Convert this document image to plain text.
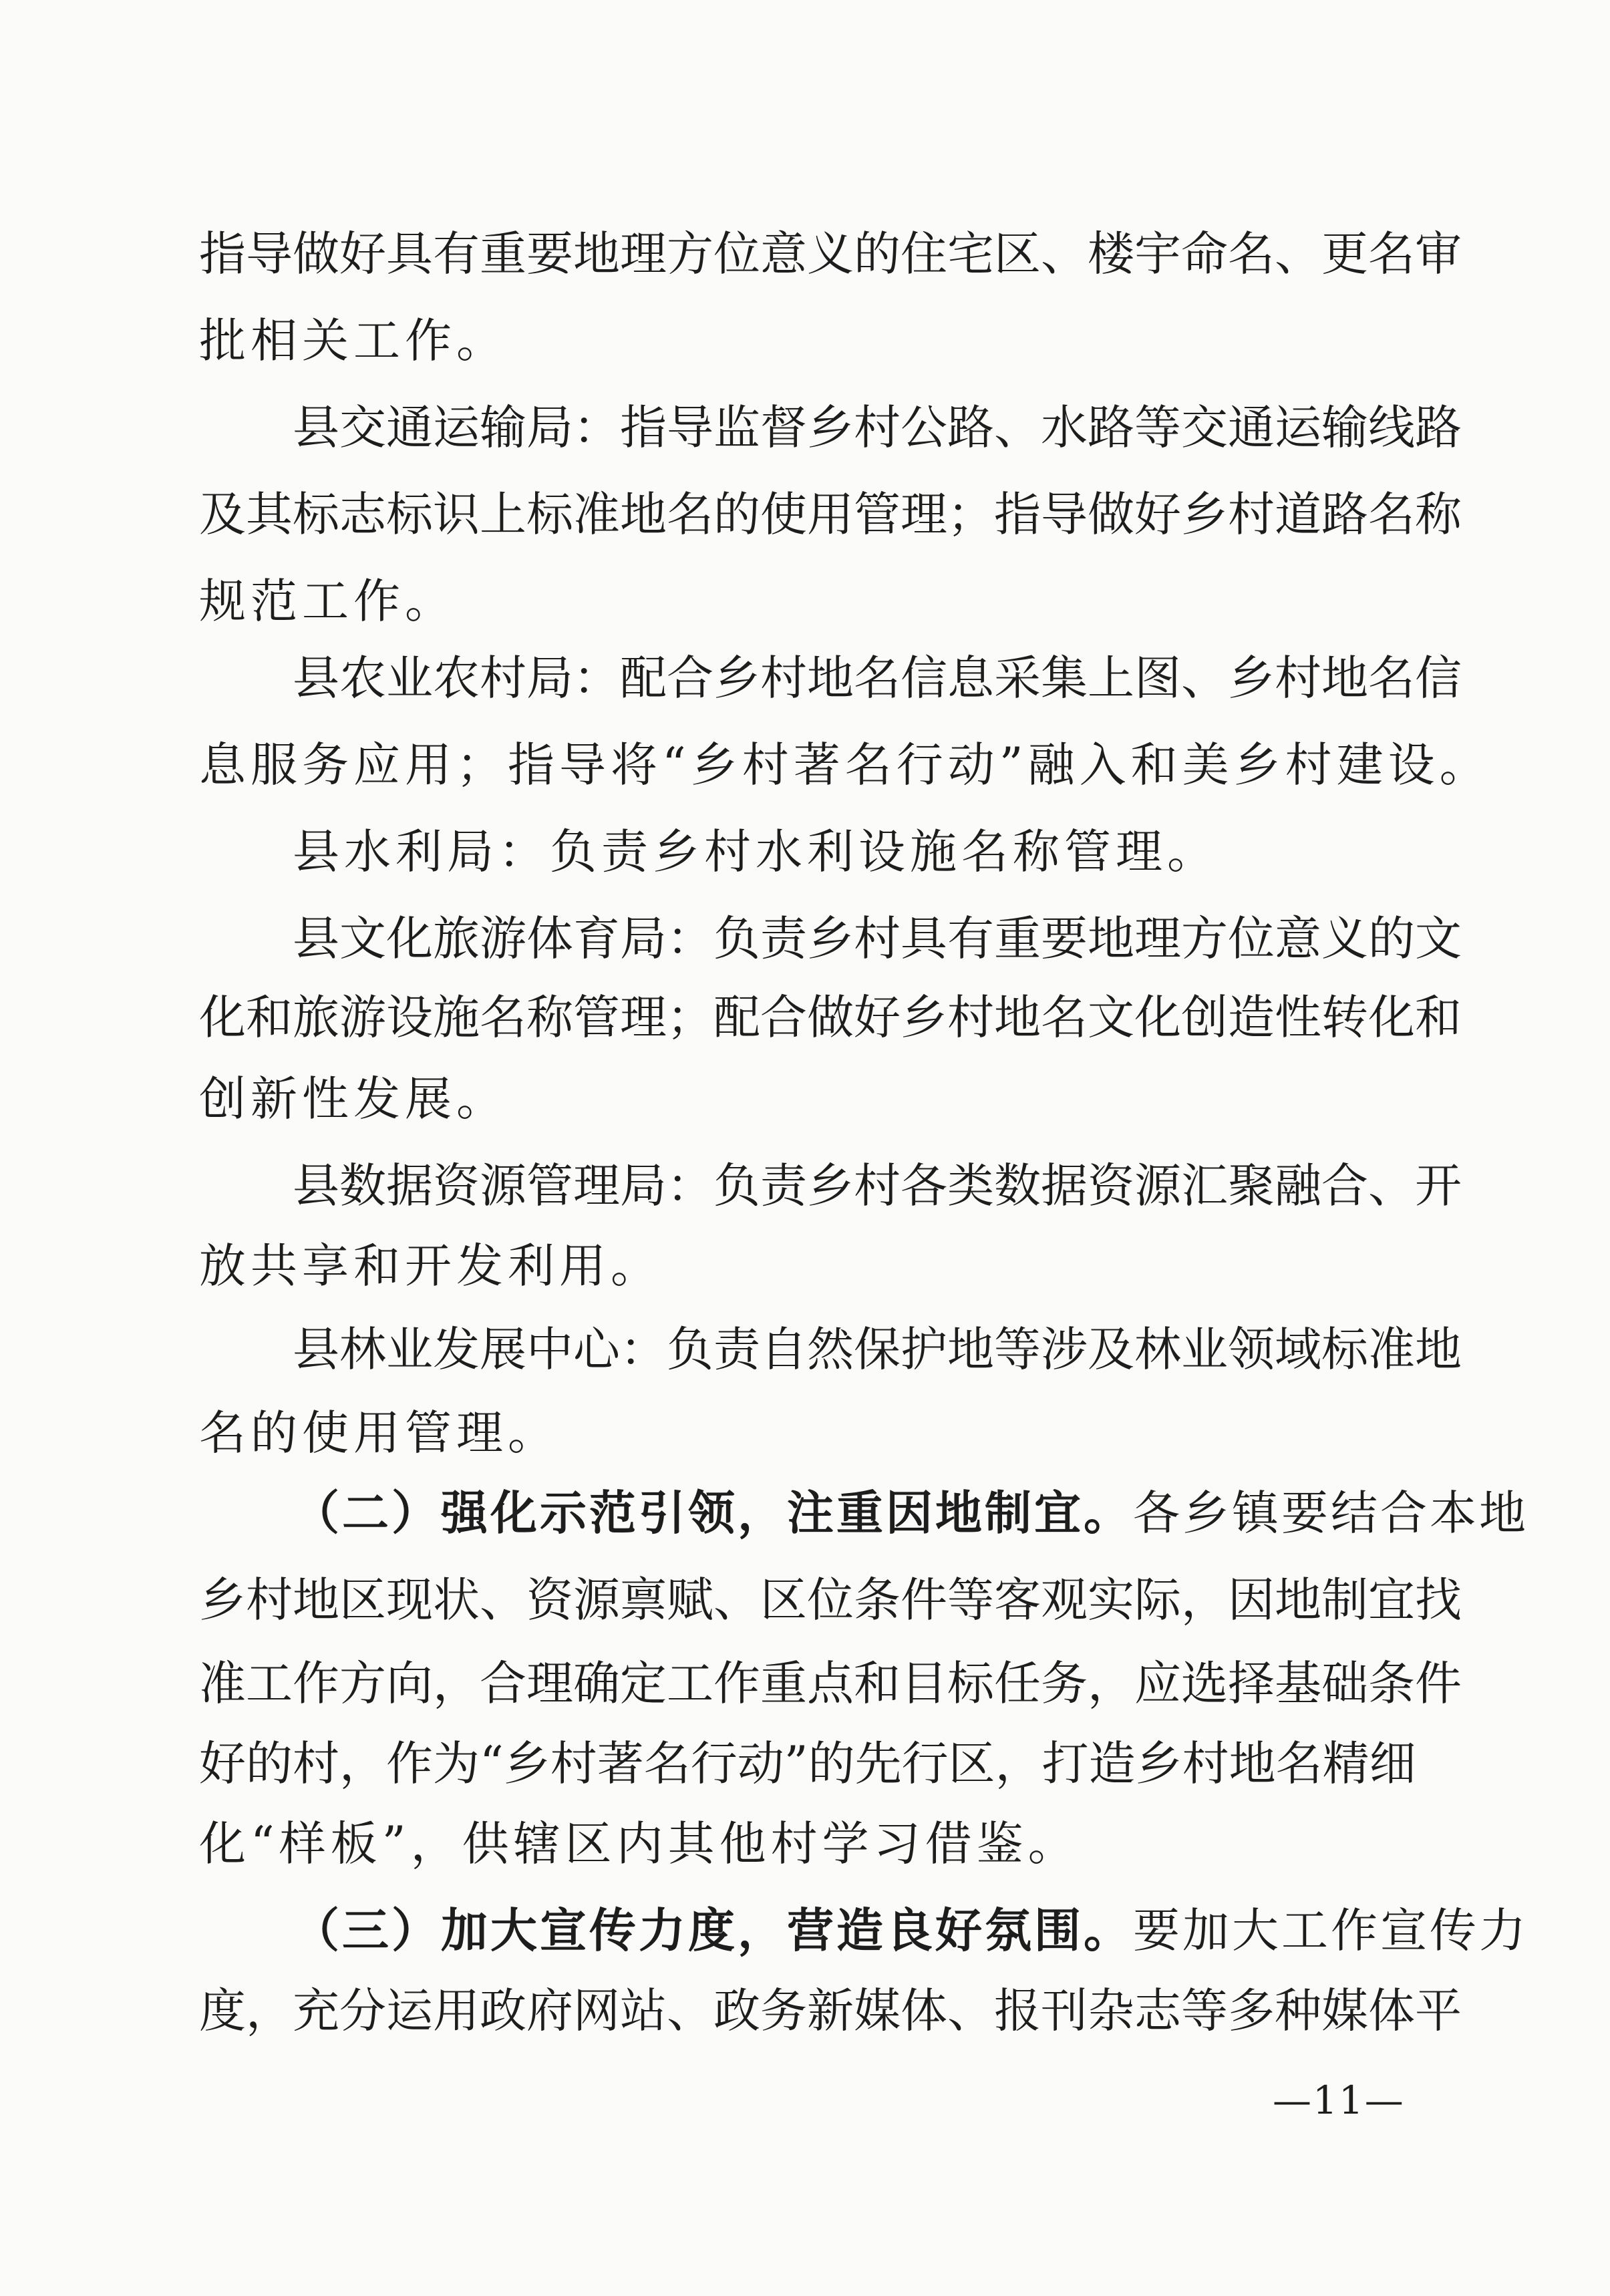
指导做好具有重要地理方位意义的住宅区、楼宇命名、更名审
批相关工作。
县交通运输局：指导监督乡村公路、水路等交通运输线路
及其标志标识上标准地名的使用管理；指导做好乡村道路名称
规范工作。
县农业农村局：配合乡村地名信息采集上图、乡村地名信
息服务应用；指导将“乡村著名行动”融入和美乡村建设。
县水利局：负责乡村水利设施名称管理。
县文化旅游体育局：负责乡村具有重要地理方位意义的文
化和旅游设施名称管理；配合做好乡村地名文化创造性转化和
创新性发展。
县数据资源管理局：负责乡村各类数据资源汇聚融合、开
放共享和开发利用。
县林业发展中心：负责自然保护地等涉及林业领域标准地
名的使用管理。
（二）强化示范引领，注重因地制宜。 各乡镇要结合本地
乡村地区现状、资源禀赋、区位条件等客观实际，因地制宜找
准工作方向，合理确定工作重点和目标任务，应选择基础条件
好的村，作为“乡村著名行动”的先行区，打造乡村地名精细
化“样板”，供辖区内其他村学习借鉴。
（三）加大宣传力度，营造良好氛围。 要加大工作宣传力
度，充分运用政府网站、政务新媒体、报刊杂志等多种媒体平
—11—
